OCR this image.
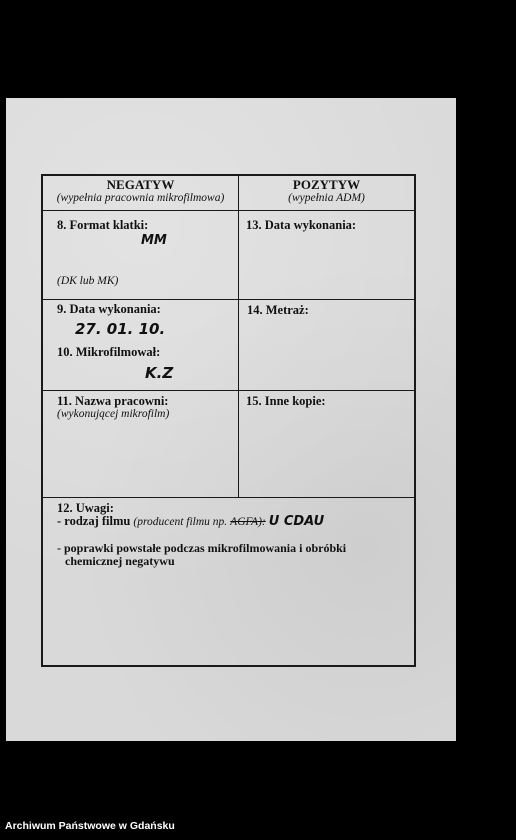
NEGATYW
(wypełnia pracownia mikrofilmowa)
POZYTYW
(wypełnia ADM)
8. Format klatki:
MM
(DK lub MK)
13. Data wykonania:
9. Data wykonania:
27. 01. 10.
10. Mikrofilmował:
K.Z
14. Metraż:
11. Nazwa pracowni:
(wykonującej mikrofilm)
15. Inne kopie:
12. Uwagi:
- rodzaj filmu (producent filmu np. AGFA): U CDAU
- poprawki powstałe podczas mikrofilmowania i obróbki
chemicznej negatywu
Archiwum Państwowe w Gdańsku
